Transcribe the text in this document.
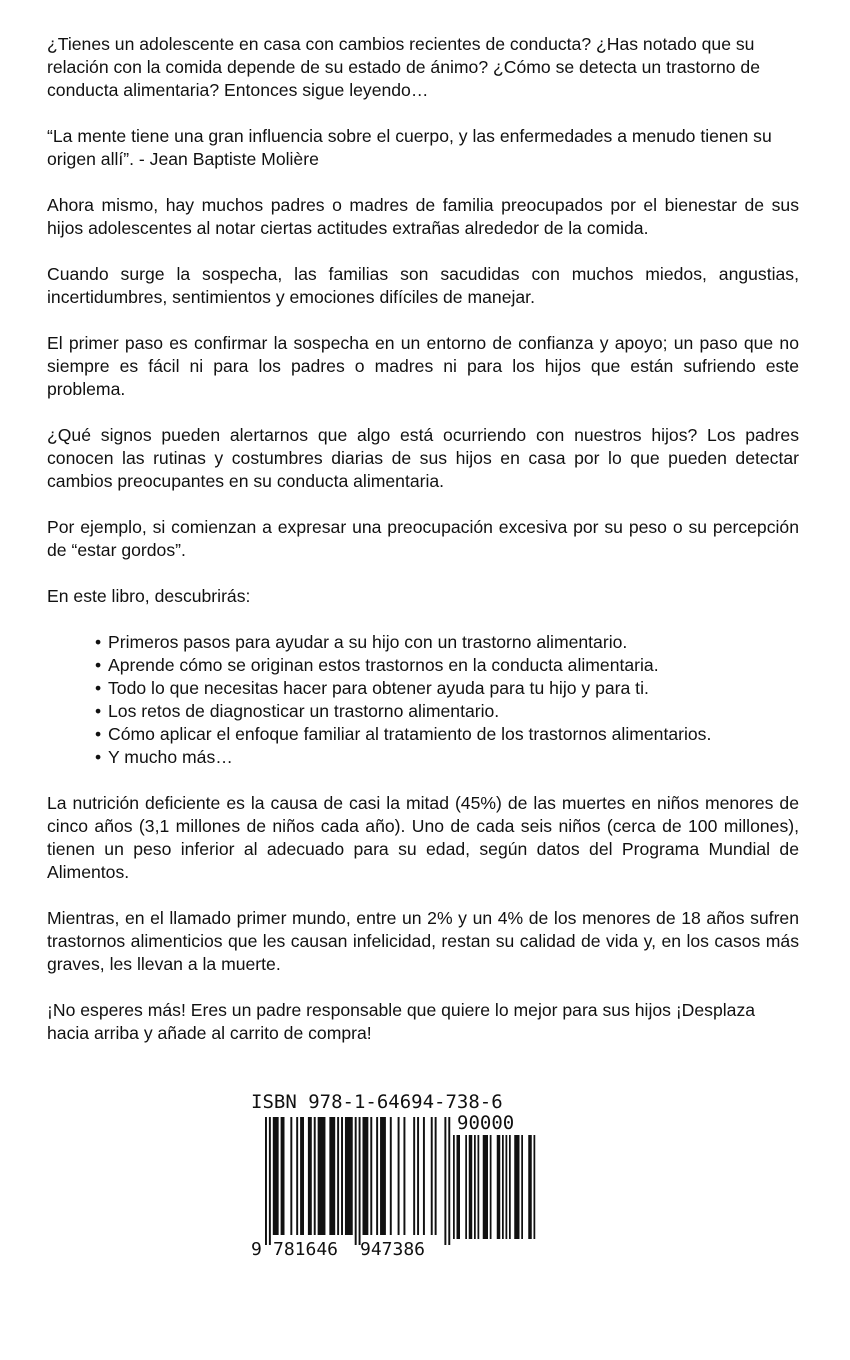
¿Tienes un adolescente en casa con cambios recientes de conducta? ¿Has notado que su relación con la comida depende de su estado de ánimo? ¿Cómo se detecta un trastorno de conducta alimentaria? Entonces sigue leyendo…

“La mente tiene una gran influencia sobre el cuerpo, y las enfermedades a menudo tienen su origen allí”. - Jean Baptiste Molière

Ahora mismo, hay muchos padres o madres de familia preocupados por el bienestar de sus hijos adolescentes al notar ciertas actitudes extrañas alrededor de la comida.

Cuando surge la sospecha, las familias son sacudidas con muchos miedos, angustias, incertidumbres, sentimientos y emociones difíciles de manejar.

El primer paso es confirmar la sospecha en un entorno de confianza y apoyo; un paso que no siempre es fácil ni para los padres o madres ni para los hijos que están sufriendo este problema.

¿Qué signos pueden alertarnos que algo está ocurriendo con nuestros hijos? Los padres conocen las rutinas y costumbres diarias de sus hijos en casa por lo que pueden detectar cambios preocupantes en su conducta alimentaria.

Por ejemplo, si comienzan a expresar una preocupación excesiva por su peso o su percepción de “estar gordos”.

En este libro, descubrirás:

• Primeros pasos para ayudar a su hijo con un trastorno alimentario.
• Aprende cómo se originan estos trastornos en la conducta alimentaria.
• Todo lo que necesitas hacer para obtener ayuda para tu hijo y para ti.
• Los retos de diagnosticar un trastorno alimentario.
• Cómo aplicar el enfoque familiar al tratamiento de los trastornos alimentarios.
• Y mucho más…

La nutrición deficiente es la causa de casi la mitad (45%) de las muertes en niños menores de cinco años (3,1 millones de niños cada año). Uno de cada seis niños (cerca de 100 millones), tienen un peso inferior al adecuado para su edad, según datos del Programa Mundial de Alimentos.

Mientras, en el llamado primer mundo, entre un 2% y un 4% de los menores de 18 años sufren trastornos alimenticios que les causan infelicidad, restan su calidad de vida y, en los casos más graves, les llevan a la muerte.

¡No esperes más! Eres un padre responsable que quiere lo mejor para sus hijos ¡Desplaza hacia arriba y añade al carrito de compra!

ISBN 978-1-64694-738-6
90000
9 781646 947386
